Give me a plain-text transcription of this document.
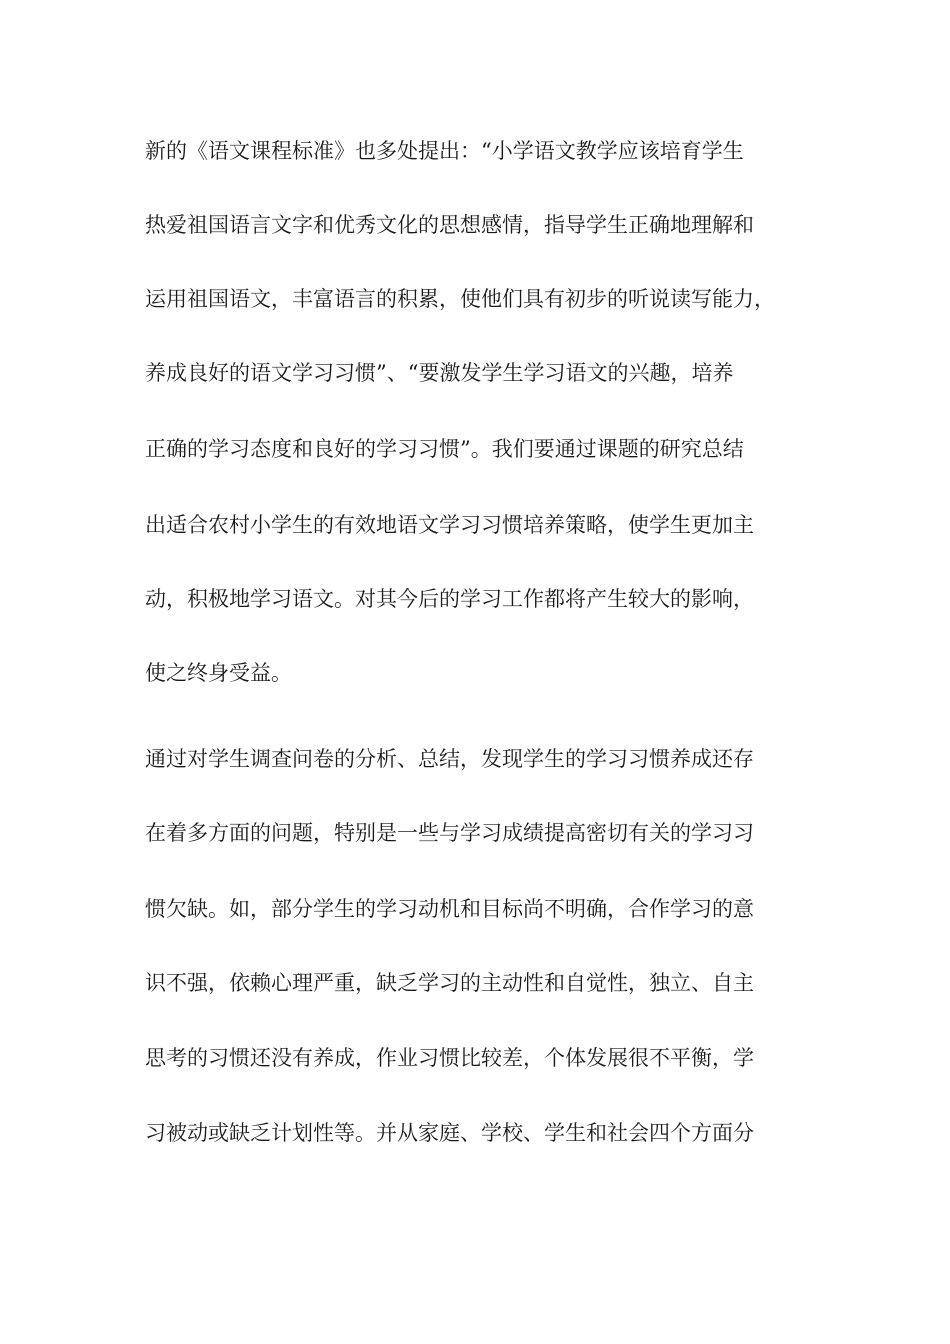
新的《语文课程标准》也多处提出：“小学语文教学应该培育学生
热爱祖国语言文字和优秀文化的思想感情，指导学生正确地理解和
运用祖国语文，丰富语言的积累，使他们具有初步的听说读写能力，
养成良好的语文学习习惯”、“要激发学生学习语文的兴趣，培养
正确的学习态度和良好的学习习惯”。我们要通过课题的研究总结
出适合农村小学生的有效地语文学习习惯培养策略，使学生更加主
动，积极地学习语文。对其今后的学习工作都将产生较大的影响，
使之终身受益。
通过对学生调查问卷的分析、总结，发现学生的学习习惯养成还存
在着多方面的问题，特别是一些与学习成绩提高密切有关的学习习
惯欠缺。如，部分学生的学习动机和目标尚不明确，合作学习的意
识不强，依赖心理严重，缺乏学习的主动性和自觉性，独立、自主
思考的习惯还没有养成，作业习惯比较差，个体发展很不平衡，学
习被动或缺乏计划性等。并从家庭、学校、学生和社会四个方面分
